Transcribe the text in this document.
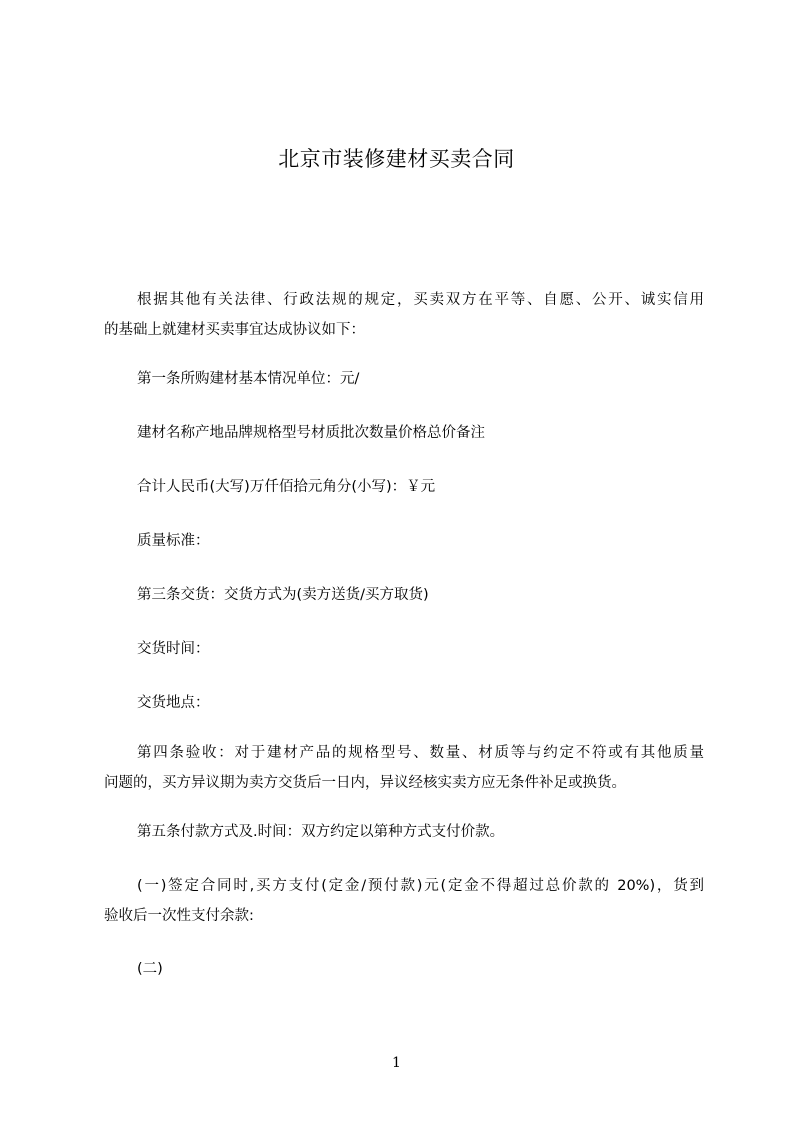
北京市装修建材买卖合同
根据其他有关法律、行政法规的规定，买卖双方在平等、自愿、公开、诚实信用
的基础上就建材买卖事宜达成协议如下：
第一条所购建材基本情况单位：元/
建材名称产地品牌规格型号材质批次数量价格总价备注
合计人民币(大写)万仟佰拾元角分(小写)：￥元
质量标准：
第三条交货：交货方式为(卖方送货/买方取货)
交货时间：
交货地点：
第四条验收：对于建材产品的规格型号、数量、材质等与约定不符或有其他质量
问题的，买方异议期为卖方交货后一日内，异议经核实卖方应无条件补足或换货。
第五条付款方式及.时间：双方约定以第种方式支付价款。
(一)签定合同时,买方支付(定金/预付款)元(定金不得超过总价款的 20%)，货到
验收后一次性支付余款:
(二)
1
